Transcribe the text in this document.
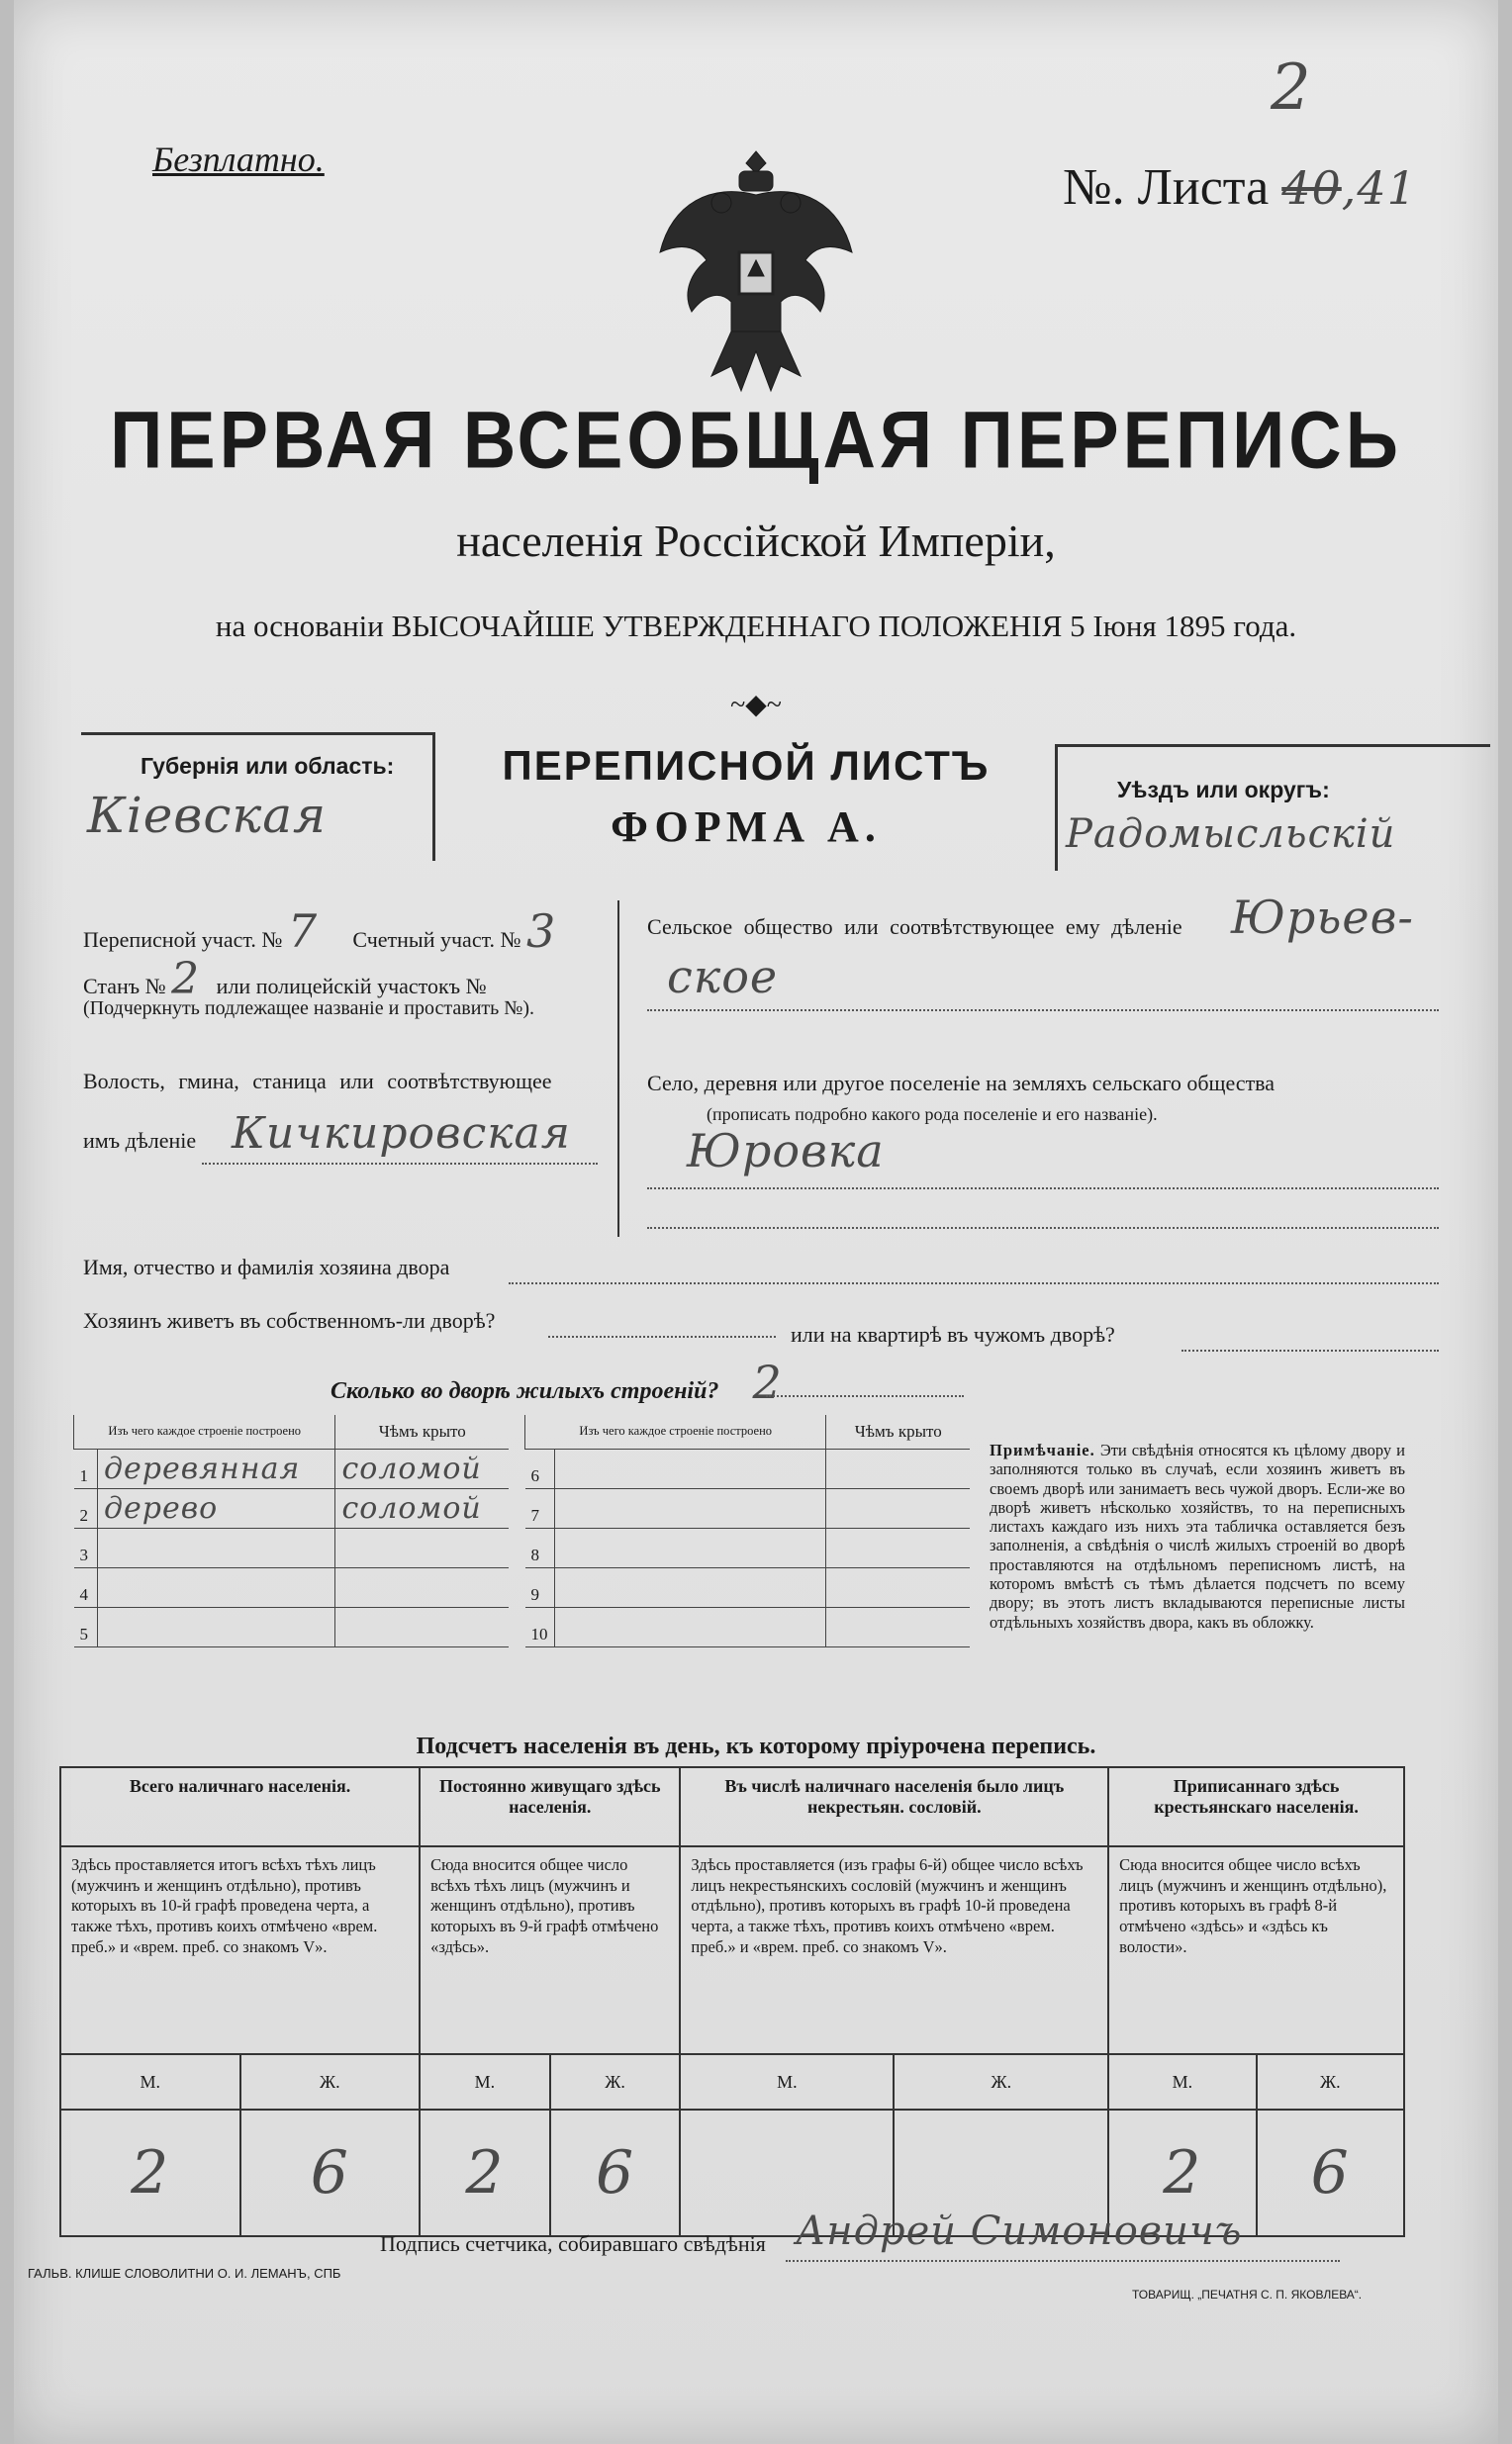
Безплатно.
2
№. Листа 40,41
ПЕРВАЯ ВСЕОБЩАЯ ПЕРЕПИСЬ
населенія Россійской Имперіи,
на основаніи ВЫСОЧАЙШЕ УТВЕРЖДЕННАГО ПОЛОЖЕНІЯ 5 Іюня 1895 года.
~◆~
Губернія или область:
Кіевская
ПЕРЕПИСНОЙ ЛИСТЪ
ФОРМА А.
Уѣздъ или округъ:
Радомысльскій
Переписной участ. № 7 Счетный участ. № 3
Станъ № 2 или полицейскій участокъ №
(Подчеркнуть подлежащее названіе и проставить №).
Волость, гмина, станица или соотвѣтствующее
имъ дѣленіе Кичкировская
Сельское общество или соотвѣтствующее ему дѣленіе Юрьев-
ское
Село, деревня или другое поселеніе на земляхъ сельскаго общества
(прописать подробно какого рода поселеніе и его названіе).
Юровка
Имя, отчество и фамилія хозяина двора
Хозяинъ живетъ въ собственномъ-ли дворѣ?
или на квартирѣ въ чужомъ дворѣ?
Сколько во дворѣ жилыхъ строеній? 2
Изъ чего каждое строеніе построено		Чѣмъ крыто
1	деревянная	соломой
2	дерево	соломой
3		
4		
5		
Изъ чего каждое строеніе построено		Чѣмъ крыто
6		
7		
8		
9		
10		
Примѣчаніе. Эти свѣдѣнія относятся къ цѣлому двору и заполняются только въ случаѣ, если хозяинъ живетъ въ своемъ дворѣ или занимаетъ весь чужой дворъ. Если-же во дворѣ живетъ нѣсколько хозяйствъ, то на переписныхъ листахъ каждаго изъ нихъ эта табличка оставляется безъ заполненія, а свѣдѣнія о числѣ жилыхъ строеній во дворѣ проставляются на отдѣльномъ переписномъ листѣ, на которомъ вмѣстѣ съ тѣмъ дѣлается подсчетъ по всему двору; въ этотъ листъ вкладываются переписные листы отдѣльныхъ хозяйствъ двора, какъ въ обложку.
Подсчетъ населенія въ день, къ которому пріурочена перепись.
Всего наличнаго населенія.		Постоянно живущаго здѣсь населенія.		Въ числѣ наличнаго населенія было лицъ некрестьян. сословій.		Приписаннаго здѣсь крестьянскаго населенія.	
Здѣсь проставляется итогъ всѣхъ тѣхъ лицъ (мужчинъ и женщинъ отдѣльно), противъ которыхъ въ 10-й графѣ проведена черта, а также тѣхъ, противъ коихъ отмѣчено «врем. преб.» и «врем. преб. со знакомъ V».		Сюда вносится общее число всѣхъ тѣхъ лицъ (мужчинъ и женщинъ отдѣльно), противъ которыхъ въ 9-й графѣ отмѣчено «здѣсь».		Здѣсь проставляется (изъ графы 6-й) общее число всѣхъ лицъ некрестьянскихъ сословій (мужчинъ и женщинъ отдѣльно), противъ которыхъ въ графѣ 10-й проведена черта, а также тѣхъ, противъ коихъ отмѣчено «врем. преб.» и «врем. преб. со знакомъ V».		Сюда вносится общее число всѣхъ лицъ (мужчинъ и женщинъ отдѣльно), противъ которыхъ въ графѣ 8-й отмѣчено «здѣсь» и «здѣсь къ волости».	
М.	Ж.	М.	Ж.	М.	Ж.	М.	Ж.
2	6	2	6			2	6
Подпись счетчика, собиравшаго свѣдѣнія Андрей Симоновичъ
ГАЛЬВ. КЛИШЕ СЛОВОЛИТНИ О. И. ЛЕМАНЪ, СПБ
ТОВАРИЩ. „ПЕЧАТНЯ С. П. ЯКОВЛЕВА“.
